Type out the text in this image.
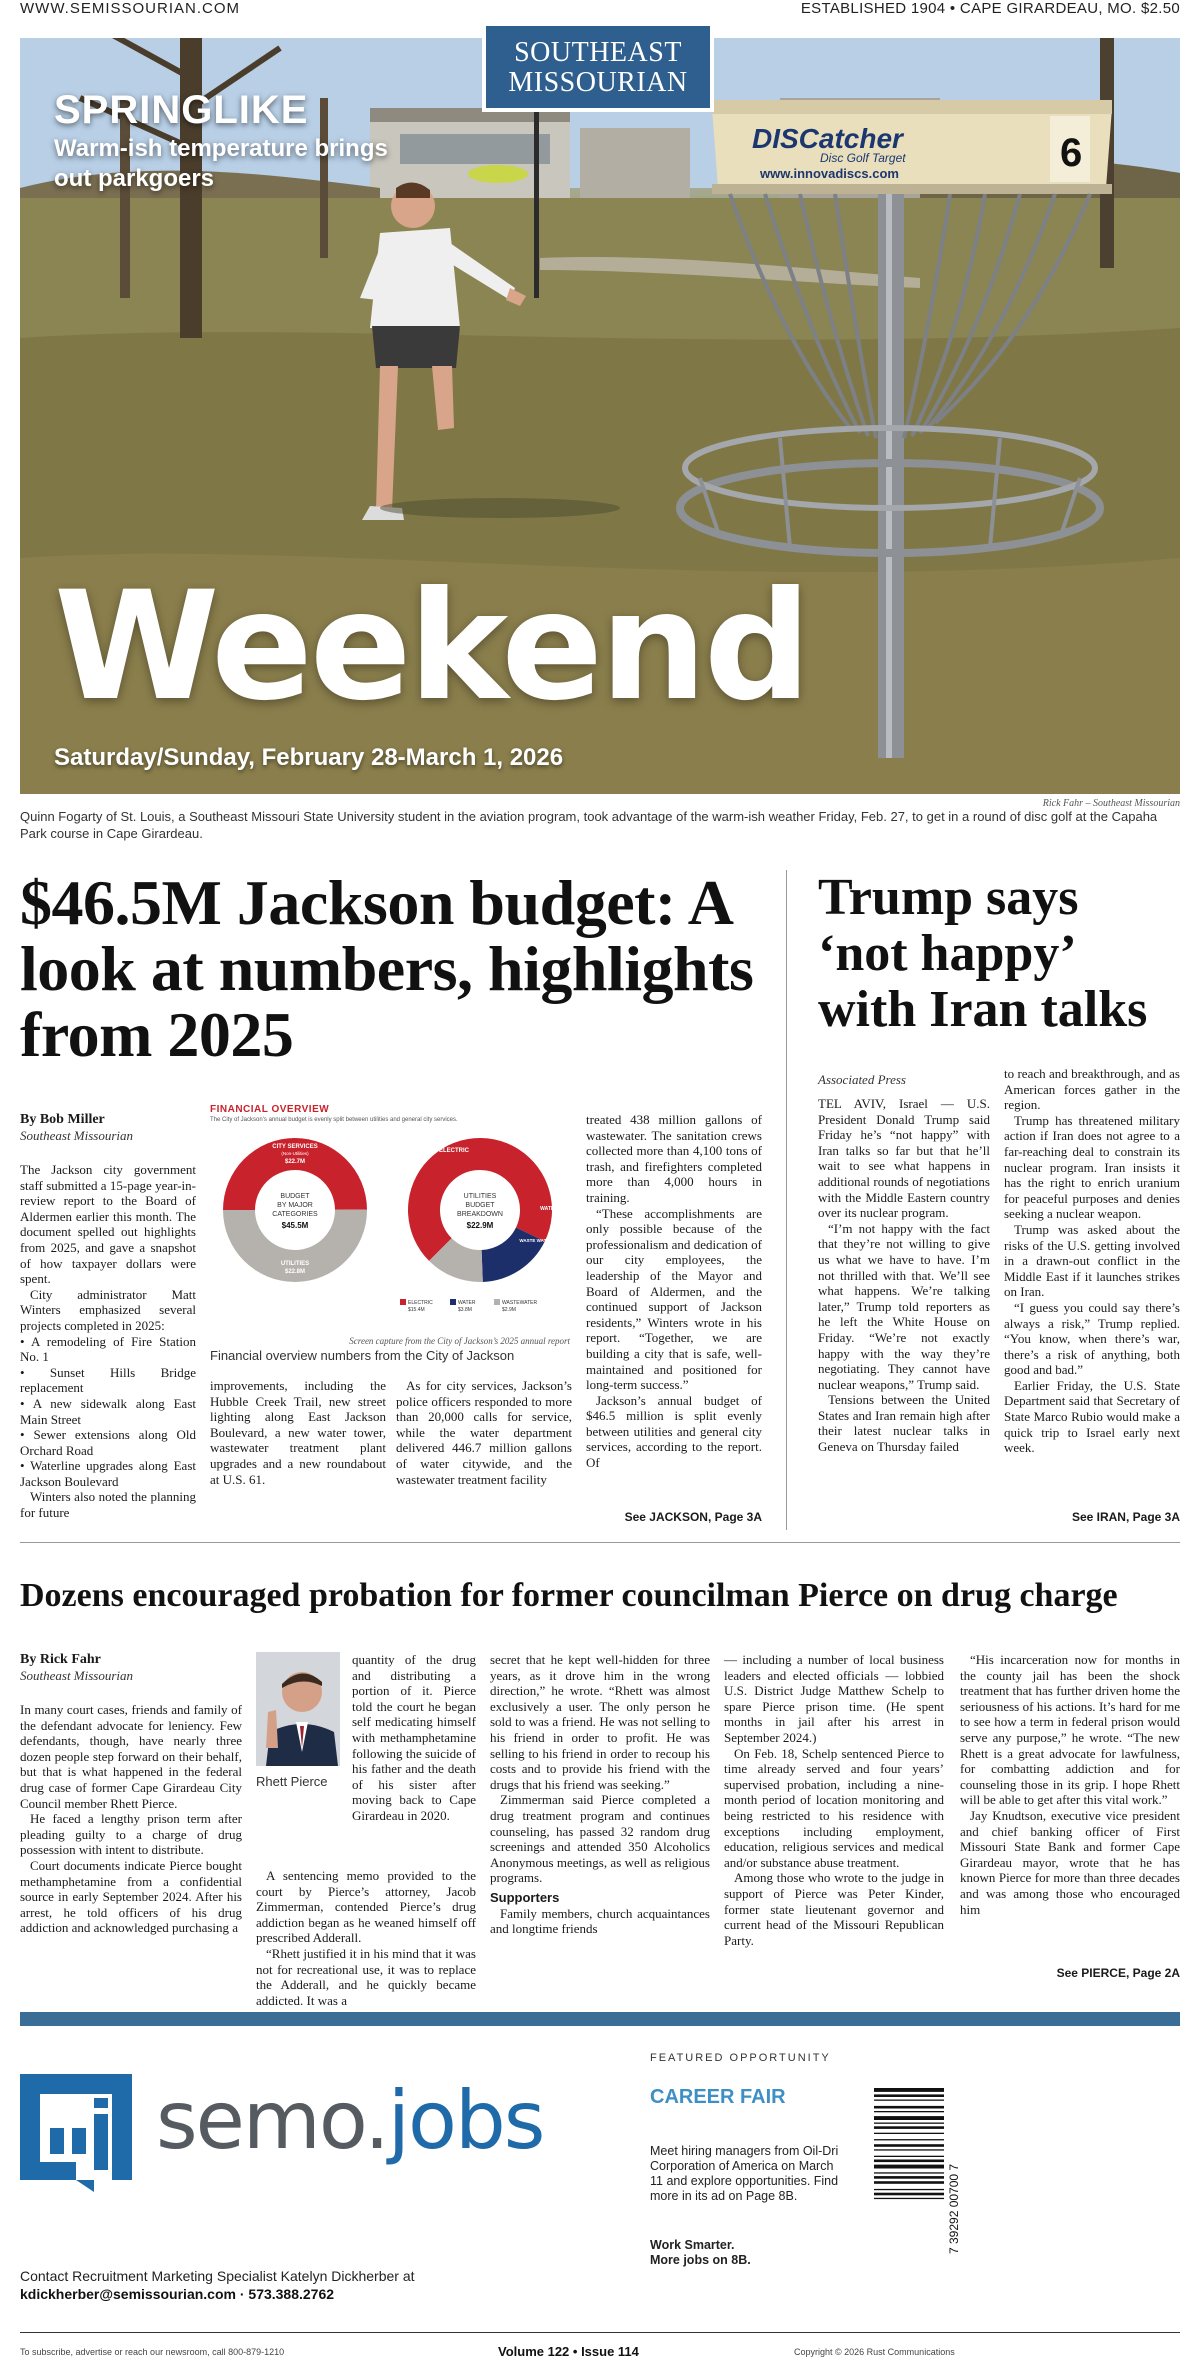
WWW.SEMISSOURIAN.COM	ESTABLISHED 1904 • CAPE GIRARDEAU, MO. $2.50
DISCatcher
Disc Golf Target
www.innovadiscs.com	6
SOUTHEAST
MISSOURIAN
SPRINGLIKE
Warm-ish temperature brings out parkgoers
Weekend
Saturday/Sunday, February 28-March 1, 2026
Rick Fahr – Southeast Missourian
Quinn Fogarty of St. Louis, a Southeast Missouri State University student in the aviation program, took advantage of the warm-ish weather Friday, Feb. 27, to get in a round of disc golf at the Capaha Park course in Cape Girardeau.
$46.5M Jackson budget: A look at numbers, highlights from 2025
By Bob Miller
Southeast Missourian

The Jackson city government staff submitted a 15-page year-in-review report to the Board of Aldermen earlier this month. The document spelled out highlights from 2025, and gave a snapshot of how taxpayer dollars were spent.

City administrator Matt Winters emphasized several projects completed in 2025:

• A remodeling of Fire Station No. 1

• Sunset Hills Bridge replacement

• A new sidewalk along East Main Street

• Sewer extensions along Old Orchard Road

• Waterline upgrades along East Jackson Boulevard

Winters also noted the planning for future

FINANCIAL OVERVIEW
The City of Jackson’s annual budget is evenly split between utilities and general city services.
BUDGET
BY MAJOR
CATEGORIES
$45.5M
CITY SERVICES
(Non-Utilities)
$22.7M
UTILITIES
$22.8M
UTILITIES
BUDGET
BREAKDOWN
$22.9M
ELECTRIC
WATER
WASTE WATER
ELECTRIC
$15.4M
WATER
$3.8M
WASTEWATER
$2.9M
Screen capture from the City of Jackson’s 2025 annual report
Financial overview numbers from the City of Jackson

improvements, including the Hubble Creek Trail, new street lighting along East Jackson Boulevard, a new water tower, wastewater treatment plant upgrades and a new roundabout at U.S. 61.

As for city services, Jackson’s police officers responded to more than 20,000 calls for service, while the water department delivered 446.7 million gallons of water citywide, and the wastewater treatment facility

treated 438 million gallons of wastewater. The sanitation crews collected more than 4,100 tons of trash, and firefighters completed more than 4,000 hours in training.

“These accomplishments are only possible because of the professionalism and dedication of our city employees, the leadership of the Mayor and Board of Aldermen, and the continued support of Jackson residents,” Winters wrote in his report. “Together, we are building a city that is safe, well-maintained and positioned for long-term success.”

Jackson’s annual budget of $46.5 million is split evenly between utilities and general city services, according to the report. Of

See JACKSON, Page 3A
Trump says ‘not happy’ with Iran talks
Associated Press

TEL AVIV, Israel — U.S. President Donald Trump said Friday he’s “not happy” with Iran talks so far but that he’ll wait to see what happens in additional rounds of negotiations with the Middle Eastern country over its nuclear program.

“I’m not happy with the fact that they’re not willing to give us what we have to have. I’m not thrilled with that. We’ll see what happens. We’re talking later,” Trump told reporters as he left the White House on Friday. “We’re not exactly happy with the way they’re negotiating. They cannot have nuclear weapons,” Trump said.

Tensions between the United States and Iran remain high after their latest nuclear talks in Geneva on Thursday failed

to reach and breakthrough, and as American forces gather in the region.

Trump has threatened military action if Iran does not agree to a far-reaching deal to constrain its nuclear program. Iran insists it has the right to enrich uranium for peaceful purposes and denies seeking a nuclear weapon.

Trump was asked about the risks of the U.S. getting involved in a drawn-out conflict in the Middle East if it launches strikes on Iran.

“I guess you could say there’s always a risk,” Trump replied. “You know, when there’s war, there’s a risk of anything, both good and bad.”

Earlier Friday, the U.S. State Department said that Secretary of State Marco Rubio would make a quick trip to Israel early next week.

See IRAN, Page 3A
Dozens encouraged probation for former councilman Pierce on drug charge
By Rick Fahr
Southeast Missourian

In many court cases, friends and family of the defendant advocate for leniency. Few defendants, though, have nearly three dozen people step forward on their behalf, but that is what happened in the federal drug case of former Cape Girardeau City Council member Rhett Pierce.

He faced a lengthy prison term after pleading guilty to a charge of drug possession with intent to distribute.

Court documents indicate Pierce bought methamphetamine from a confidential source in early September 2024. After his arrest, he told officers of his drug addiction and acknowledged purchasing a

Rhett Pierce

quantity of the drug and distributing a portion of it. Pierce told the court he began self medicating himself with methamphetamine following the suicide of his father and the death of his sister after moving back to Cape Girardeau in 2020.

A sentencing memo provided to the court by Pierce’s attorney, Jacob Zimmerman, contended Pierce’s drug addiction began as he weaned himself off prescribed Adderall.

“Rhett justified it in his mind that it was not for recreational use, it was to replace the Adderall, and he quickly became addicted. It was a

secret that he kept well-hidden for three years, as it drove him in the wrong direction,” he wrote. “Rhett was almost exclusively a user. The only person he sold to was a friend. He was not selling to his friend in order to profit. He was selling to his friend in order to recoup his costs and to provide his friend with the drugs that his friend was seeking.”

Zimmerman said Pierce completed a drug treatment program and continues counseling, has passed 32 random drug screenings and attended 350 Alcoholics Anonymous meetings, as well as religious programs.

Supporters

Family members, church acquaintances and longtime friends

— including a number of local business leaders and elected officials — lobbied U.S. District Judge Matthew Schelp to spare Pierce prison time. (He spent months in jail after his arrest in September 2024.)

On Feb. 18, Schelp sentenced Pierce to time already served and four years’ supervised probation, including a nine-month period of location monitoring and being restricted to his residence with exceptions including employment, education, religious services and medical and/or substance abuse treatment.

Among those who wrote to the judge in support of Pierce was Peter Kinder, former state lieutenant governor and current head of the Missouri Republican Party.

“His incarceration now for months in the county jail has been the shock treatment that has further driven home the seriousness of his actions. It’s hard for me to see how a term in federal prison would serve any purpose,” he wrote. “The new Rhett is a great advocate for lawfulness, for combatting addiction and for counseling those in its grip. I hope Rhett will be able to get after this vital work.”

Jay Knudtson, executive vice president and chief banking officer of First Missouri State Bank and former Cape Girardeau mayor, wrote that he has known Pierce for more than three decades and was among those who encouraged him

See PIERCE, Page 2A
semo.jobs
FEATURED OPPORTUNITY
CAREER FAIR
Meet hiring managers from Oil-Dri Corporation of America on March 11 and explore opportunities. Find more in its ad on Page 8B.
Work Smarter.
More jobs on 8B.
7 39292 00700 7
Contact Recruitment Marketing Specialist Katelyn Dickherber at
kdickherber@semissourian.com · 573.388.2762
To subscribe, advertise or reach our newsroom, call 800-879-1210	Volume 122 • Issue 114	Copyright © 2026 Rust Communications
